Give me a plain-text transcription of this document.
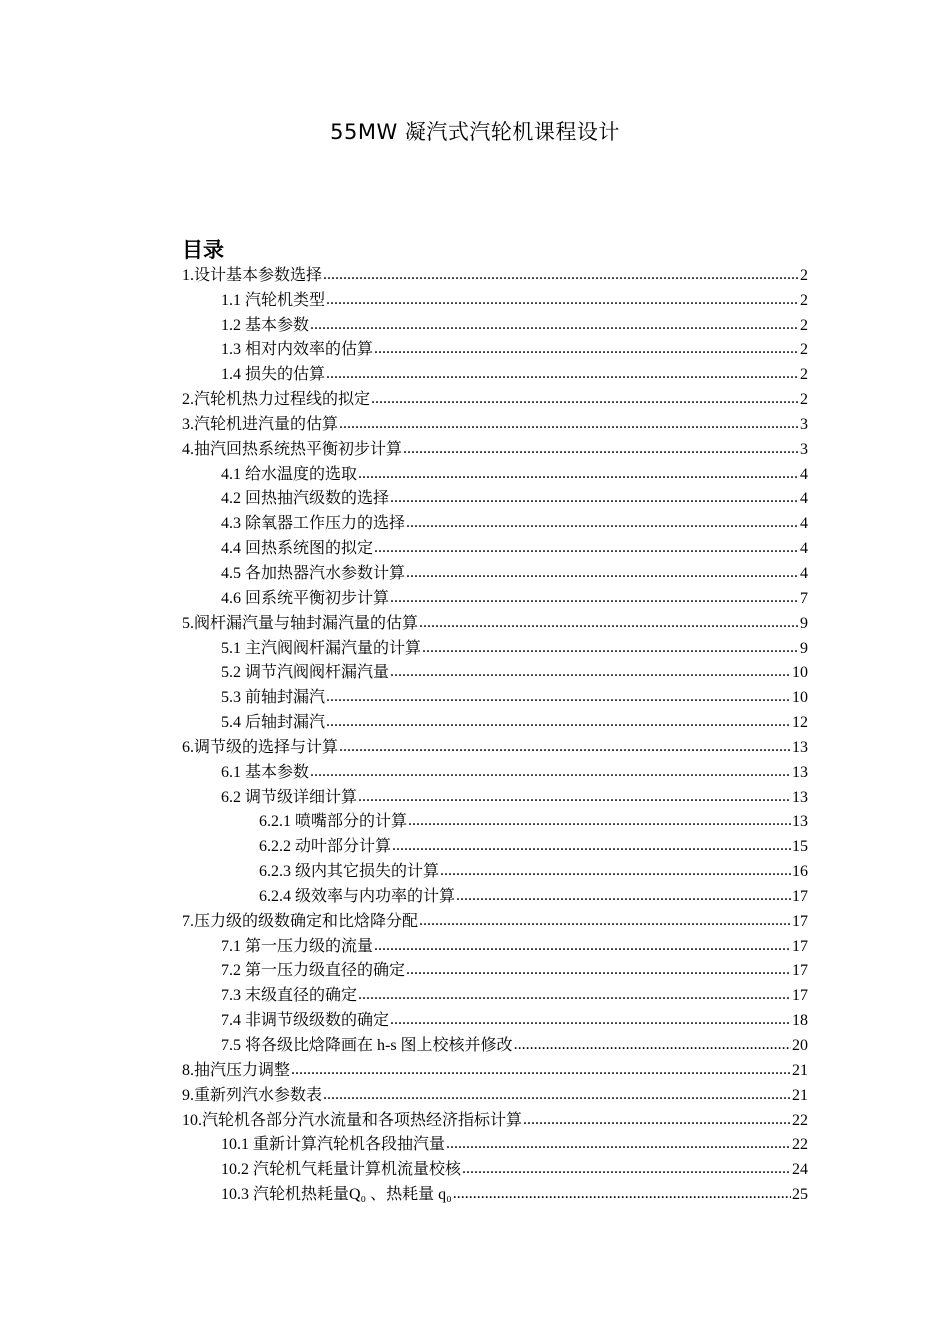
55MW 凝汽式汽轮机课程设计
目录
1.设计基本参数选择 .....	2
1.1 汽轮机类型 .....	2
1.2 基本参数 .....	2
1.3 相对内效率的估算 .....	2
1.4 损失的估算 .....	2
2.汽轮机热力过程线的拟定 .....	2
3.汽轮机进汽量的估算 .....	3
4.抽汽回热系统热平衡初步计算 .....	3
4.1 给水温度的选取 .....	4
4.2 回热抽汽级数的选择 .....	4
4.3 除氧器工作压力的选择 .....	4
4.4 回热系统图的拟定 .....	4
4.5 各加热器汽水参数计算 .....	4
4.6 回系统平衡初步计算 .....	7
5.阀杆漏汽量与轴封漏汽量的估算 .....	9
5.1 主汽阀阀杆漏汽量的计算 .....	9
5.2 调节汽阀阀杆漏汽量 .....	10
5.3 前轴封漏汽 .....	10
5.4 后轴封漏汽 .....	12
6.调节级的选择与计算 .....	13
6.1 基本参数 .....	13
6.2 调节级详细计算 .....	13
6.2.1 喷嘴部分的计算 .....	13
6.2.2 动叶部分计算 .....	15
6.2.3 级内其它损失的计算 .....	16
6.2.4 级效率与内功率的计算 .....	17
7.压力级的级数确定和比焓降分配 .....	17
7.1 第一压力级的流量 .....	17
7.2 第一压力级直径的确定 .....	17
7.3 末级直径的确定 .....	17
7.4 非调节级级数的确定 .....	18
7.5 将各级比焓降画在 h-s 图上校核并修改 .....	20
8.抽汽压力调整 .....	21
9.重新列汽水参数表 .....	21
10.汽轮机各部分汽水流量和各项热经济指标计算 .....	22
10.1 重新计算汽轮机各段抽汽量 .....	22
10.2 汽轮机气耗量计算机流量校核 .....	24
10.3 汽轮机热耗量Q₀ 、热耗量 q₀ .....	25
